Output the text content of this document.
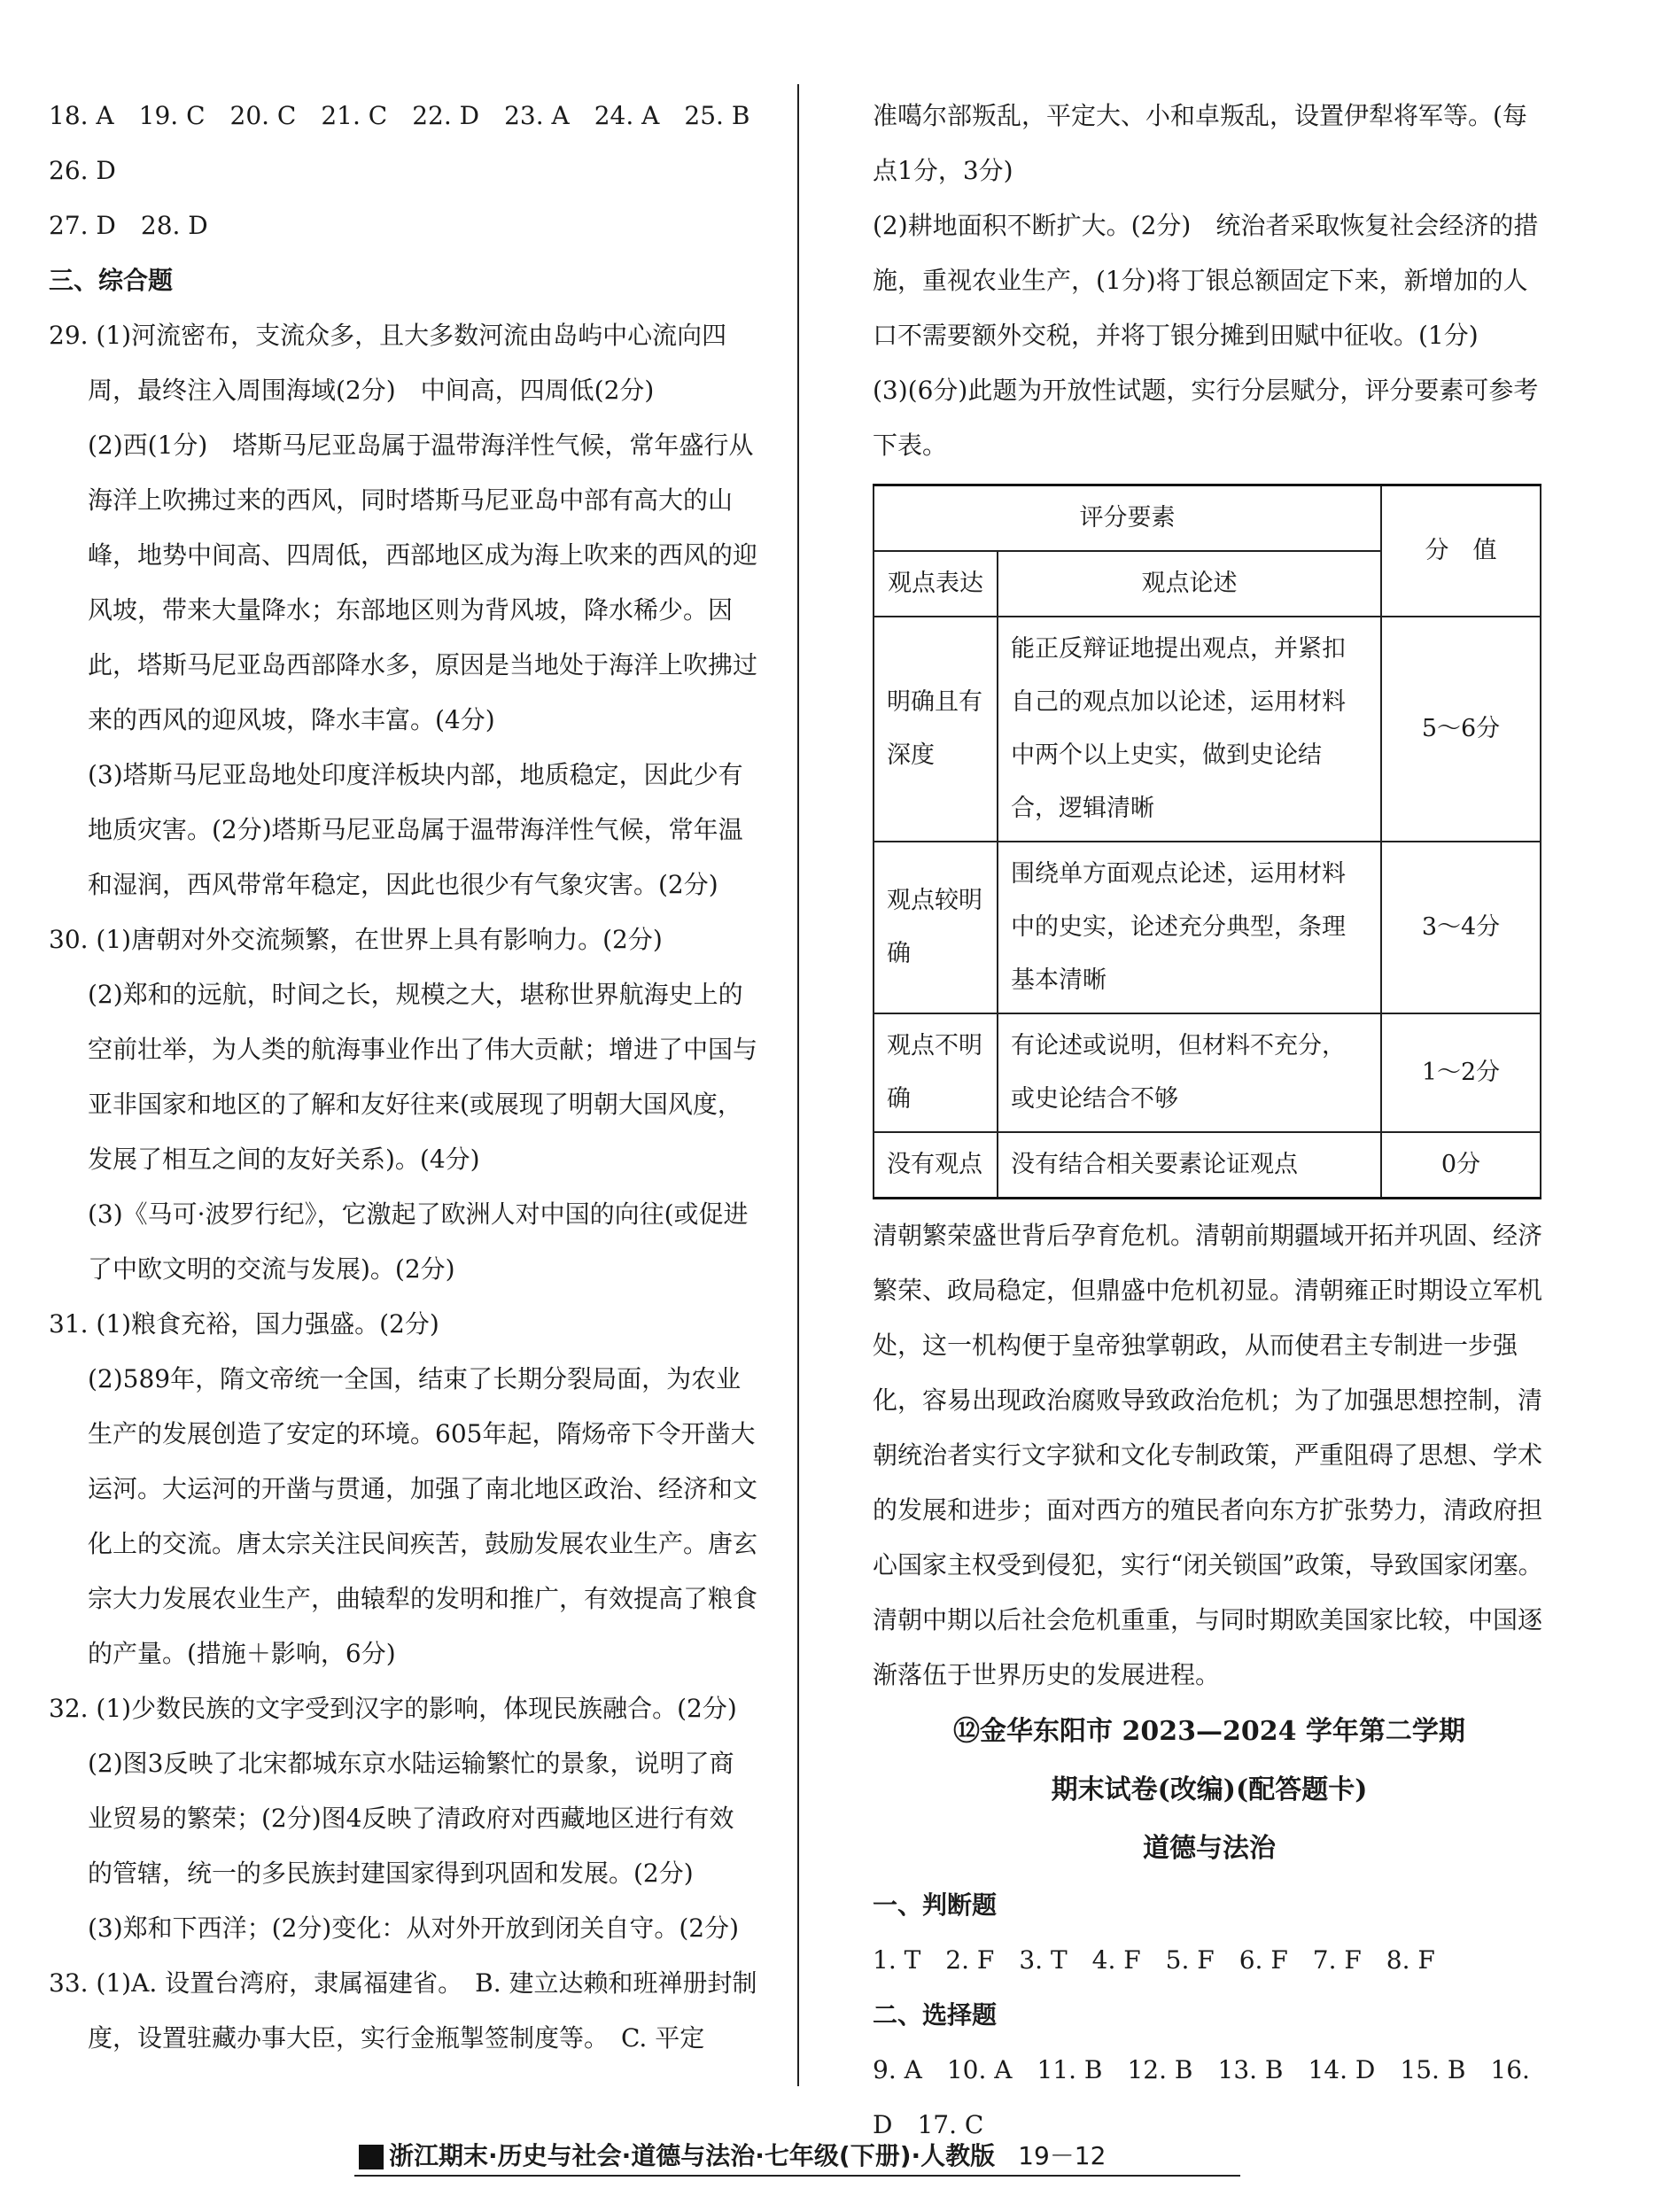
18. A　19. C　20. C　21. C　22. D　23. A　24. A　25. B　26. D

27. D　28. D

三、综合题

29. (1)河流密布，支流众多，且大多数河流由岛屿中心流向四周，最终注入周围海域(2分)　中间高，四周低(2分)

(2)西(1分)　塔斯马尼亚岛属于温带海洋性气候，常年盛行从海洋上吹拂过来的西风，同时塔斯马尼亚岛中部有高大的山峰，地势中间高、四周低，西部地区成为海上吹来的西风的迎风坡，带来大量降水；东部地区则为背风坡，降水稀少。因此，塔斯马尼亚岛西部降水多，原因是当地处于海洋上吹拂过来的西风的迎风坡，降水丰富。(4分)

(3)塔斯马尼亚岛地处印度洋板块内部，地质稳定，因此少有地质灾害。(2分)塔斯马尼亚岛属于温带海洋性气候，常年温和湿润，西风带常年稳定，因此也很少有气象灾害。(2分)

30. (1)唐朝对外交流频繁，在世界上具有影响力。(2分)

(2)郑和的远航，时间之长，规模之大，堪称世界航海史上的空前壮举，为人类的航海事业作出了伟大贡献；增进了中国与亚非国家和地区的了解和友好往来(或展现了明朝大国风度，发展了相互之间的友好关系)。(4分)

(3)《马可·波罗行纪》，它激起了欧洲人对中国的向往(或促进了中欧文明的交流与发展)。(2分)

31. (1)粮食充裕，国力强盛。(2分)

(2)589年，隋文帝统一全国，结束了长期分裂局面，为农业生产的发展创造了安定的环境。605年起，隋炀帝下令开凿大运河。大运河的开凿与贯通，加强了南北地区政治、经济和文化上的交流。唐太宗关注民间疾苦，鼓励发展农业生产。唐玄宗大力发展农业生产，曲辕犁的发明和推广，有效提高了粮食的产量。(措施＋影响，6分)

32. (1)少数民族的文字受到汉字的影响，体现民族融合。(2分)

(2)图3反映了北宋都城东京水陆运输繁忙的景象，说明了商业贸易的繁荣；(2分)图4反映了清政府对西藏地区进行有效的管辖，统一的多民族封建国家得到巩固和发展。(2分)

(3)郑和下西洋；(2分)变化：从对外开放到闭关自守。(2分)

33. (1)A. 设置台湾府，隶属福建省。　B. 建立达赖和班禅册封制度，设置驻藏办事大臣，实行金瓶掣签制度等。　C. 平定

准噶尔部叛乱，平定大、小和卓叛乱，设置伊犁将军等。(每点1分，3分)

(2)耕地面积不断扩大。(2分)　统治者采取恢复社会经济的措施，重视农业生产，(1分)将丁银总额固定下来，新增加的人口不需要额外交税，并将丁银分摊到田赋中征收。(1分)

(3)(6分)此题为开放性试题，实行分层赋分，评分要素可参考下表。

评分要素		分　值
观点表达	观点论述	
明确且有深度	能正反辩证地提出观点，并紧扣自己的观点加以论述，运用材料中两个以上史实，做到史论结合，逻辑清晰	5～6分
观点较明确	围绕单方面观点论述，运用材料中的史实，论述充分典型，条理基本清晰	3～4分
观点不明确	有论述或说明，但材料不充分，或史论结合不够	1～2分
没有观点	没有结合相关要素论证观点	0分

清朝繁荣盛世背后孕育危机。清朝前期疆域开拓并巩固、经济繁荣、政局稳定，但鼎盛中危机初显。清朝雍正时期设立军机处，这一机构便于皇帝独掌朝政，从而使君主专制进一步强化，容易出现政治腐败导致政治危机；为了加强思想控制，清朝统治者实行文字狱和文化专制政策，严重阻碍了思想、学术的发展和进步；面对西方的殖民者向东方扩张势力，清政府担心国家主权受到侵犯，实行“闭关锁国”政策，导致国家闭塞。清朝中期以后社会危机重重，与同时期欧美国家比较，中国逐渐落伍于世界历史的发展进程。

⑫金华东阳市 2023—2024 学年第二学期

期末试卷(改编)(配答题卡)

道德与法治

一、判断题

1. T　2. F　3. T　4. F　5. F　6. F　7. F　8. F

二、选择题

9. A　10. A　11. B　12. B　13. B　14. D　15. B　16. D　17. C

浙江期末·历史与社会·道德与法治·七年级(下册)·人教版 19－12
